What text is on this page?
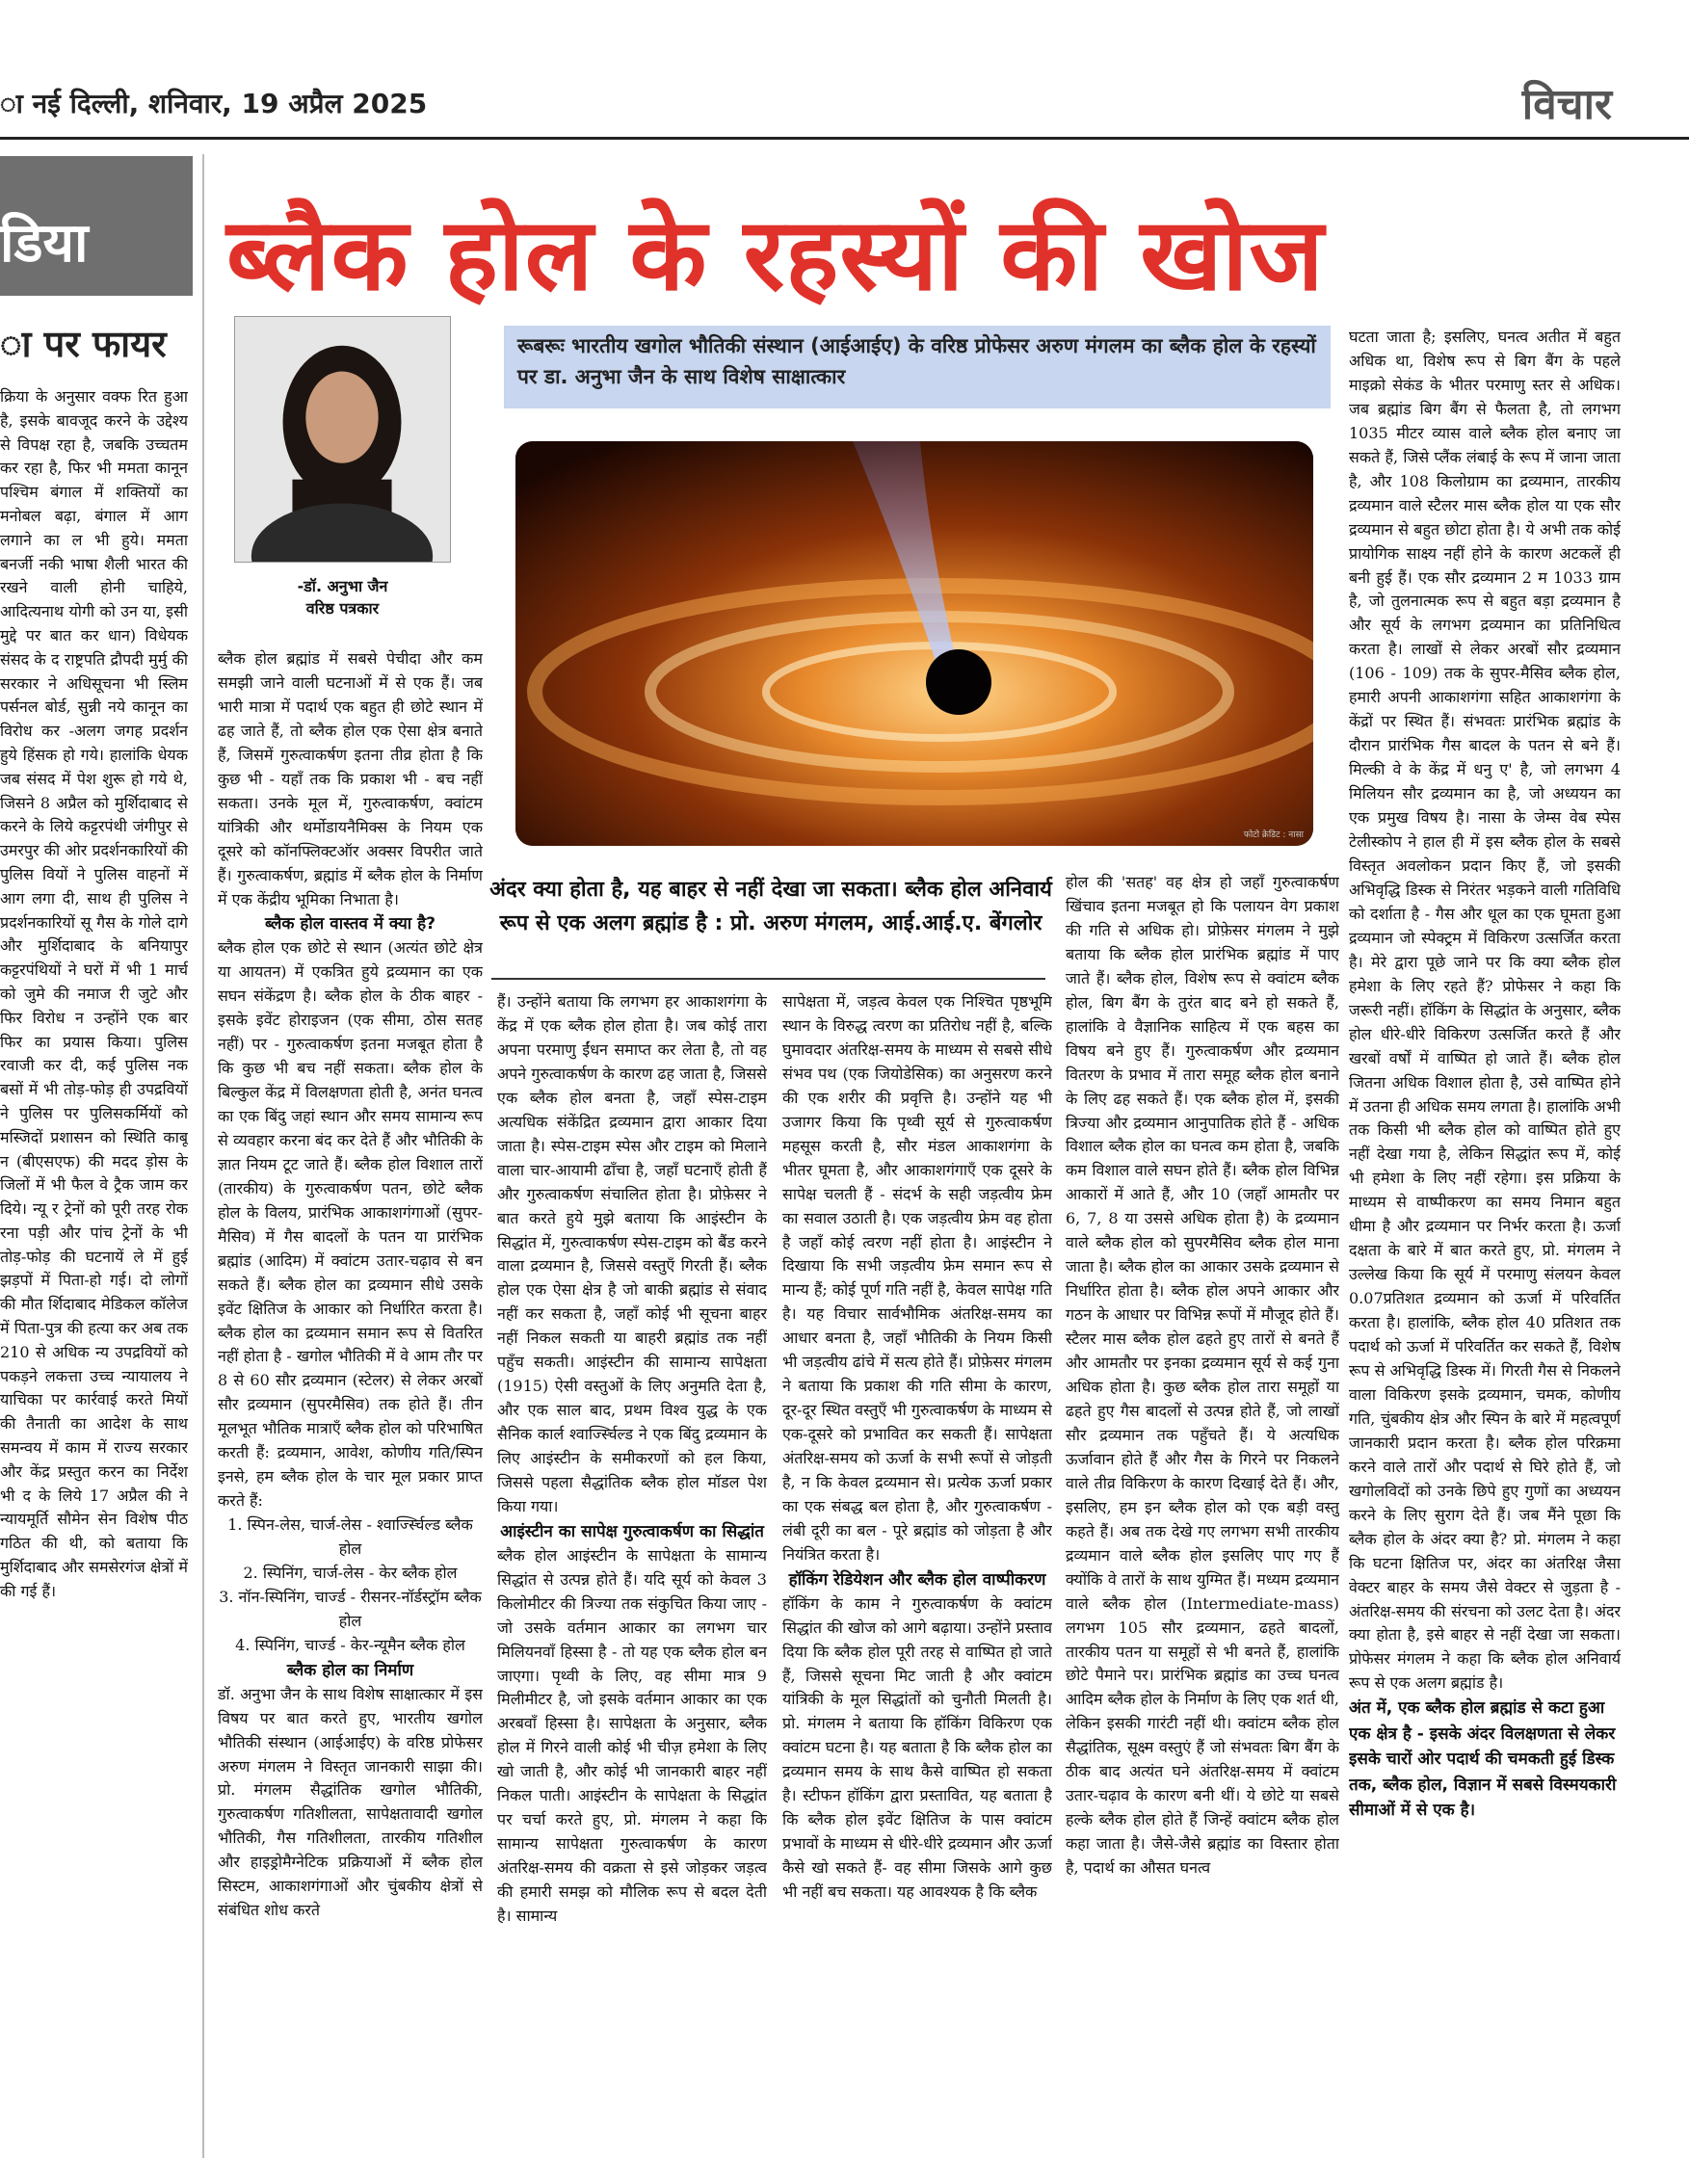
ा नई दिल्ली, शनिवार, 19 अप्रैल 2025	विचार
डिया
ा पर फायर
क्रिया के अनुसार वक्फ रित हुआ है, इसके बावजूद करने के उद्देश्य से विपक्ष रहा है, जबकि उच्चतम कर रहा है, फिर भी ममता कानून पश्चिम बंगाल में शक्तियों का मनोबल बढ़ा, बंगाल में आग लगाने का ल भी हुये। ममता बनर्जी नकी भाषा शैली भारत की रखने वाली होनी चाहिये, आदित्यनाथ योगी को उन या, इसी मुद्दे पर बात कर धान) विधेयक संसद के द राष्ट्रपति द्रौपदी मुर्मु की सरकार ने अधिसूचना भी स्लिम पर्सनल बोर्ड, सुन्नी नये कानून का विरोध कर -अलग जगह प्रदर्शन हुये हिंसक हो गये। हालांकि धेयक जब संसद में पेश शुरू हो गये थे, जिसने 8 अप्रैल को मुर्शिदाबाद से करने के लिये कट्टरपंथी जंगीपुर से उमरपुर की ओर प्रदर्शनकारियों की पुलिस वियों ने पुलिस वाहनों में आग लगा दी, साथ ही पुलिस ने प्रदर्शनकारियों सू गैस के गोले दागे और मुर्शिदाबाद के बनियापुर कट्टरपंथियों ने घरों में भी 1 मार्च को जुमे की नमाज री जुटे और फिर विरोध न उन्होंने एक बार फिर का प्रयास किया। पुलिस रवाजी कर दी, कई पुलिस नक बसों में भी तोड़-फोड़ ही उपद्रवियों ने पुलिस पर पुलिसकर्मियों को मस्जिदों प्रशासन को स्थिति काबू न (बीएसएफ) की मदद ड़ोस के जिलों में भी फैल वे ट्रैक जाम कर दिये। न्यू र ट्रेनों को पूरी तरह रोक रना पड़ी और पांच ट्रेनों के भी तोड़-फोड़ की घटनायें ले में हुई झड़पों में पिता-हो गई। दो लोगों की मौत र्शिदाबाद मेडिकल कॉलेज में पिता-पुत्र की हत्या कर अब तक 210 से अधिक न्य उपद्रवियों को पकड़ने लकत्ता उच्च न्यायालय ने याचिका पर कार्रवाई करते मियों की तैनाती का आदेश के साथ समन्वय में काम में राज्य सरकार और केंद्र प्रस्तुत करन का निर्देश भी द के लिये 17 अप्रैल की ने न्यायमूर्ति सौमेन सेन विशेष पीठ गठित की थी, को बताया कि मुर्शिदाबाद और समसेरगंज क्षेत्रों में की गई हैं।
ब्लैक होल के रहस्यों की खोज
-डॉ. अनुभा जैन
वरिष्ठ पत्रकार
रूबरूः भारतीय खगोल भौतिकी संस्थान (आईआईए) के वरिष्ठ प्रोफेसर अरुण मंगलम का ब्लैक होल के रहस्यों पर डा. अनुभा जैन के साथ विशेष साक्षात्कार
फोटो क्रेडिट : नासा
अंदर क्या होता है, यह बाहर से नहीं देखा जा सकता। ब्लैक होल अनिवार्य रूप से एक अलग ब्रह्मांड है : प्रो. अरुण मंगलम, आई.आई.ए. बेंगलोर

ब्लैक होल ब्रह्मांड में सबसे पेचीदा और कम समझी जाने वाली घटनाओं में से एक हैं। जब भारी मात्रा में पदार्थ एक बहुत ही छोटे स्थान में ढह जाते हैं, तो ब्लैक होल एक ऐसा क्षेत्र बनाते हैं, जिसमें गुरुत्वाकर्षण इतना तीव्र होता है कि कुछ भी - यहाँ तक कि प्रकाश भी - बच नहीं सकता। उनके मूल में, गुरुत्वाकर्षण, क्वांटम यांत्रिकी और थर्मोडायनैमिक्स के नियम एक दूसरे को कॉनफ्लिक्टऑर अक्सर विपरीत जाते हैं। गुरुत्वाकर्षण, ब्रह्मांड में ब्लैक होल के निर्माण में एक केंद्रीय भूमिका निभाता है।

ब्लैक होल वास्तव में क्या है?

ब्लैक होल एक छोटे से स्थान (अत्यंत छोटे क्षेत्र या आयतन) में एकत्रित हुये द्रव्यमान का एक सघन संकेंद्रण है। ब्लैक होल के ठीक बाहर - इसके इवेंट होराइजन (एक सीमा, ठोस सतह नहीं) पर - गुरुत्वाकर्षण इतना मजबूत होता है कि कुछ भी बच नहीं सकता। ब्लैक होल के बिल्कुल केंद्र में विलक्षणता होती है, अनंत घनत्व का एक बिंदु जहां स्थान और समय सामान्य रूप से व्यवहार करना बंद कर देते हैं और भौतिकी के ज्ञात नियम टूट जाते हैं। ब्लैक होल विशाल तारों (तारकीय) के गुरुत्वाकर्षण पतन, छोटे ब्लैक होल के विलय, प्रारंभिक आकाशगंगाओं (सुपर-मैसिव) में गैस बादलों के पतन या प्रारंभिक ब्रह्मांड (आदिम) में क्वांटम उतार-चढ़ाव से बन सकते हैं। ब्लैक होल का द्रव्यमान सीधे उसके इवेंट क्षितिज के आकार को निर्धारित करता है। ब्लैक होल का द्रव्यमान समान रूप से वितरित नहीं होता है - खगोल भौतिकी में वे आम तौर पर 8 से 60 सौर द्रव्यमान (स्टेलर) से लेकर अरबों सौर द्रव्यमान (सुपरमैसिव) तक होते हैं। तीन मूलभूत भौतिक मात्राएँ ब्लैक होल को परिभाषित करती हैं: द्रव्यमान, आवेश, कोणीय गति/स्पिन इनसे, हम ब्लैक होल के चार मूल प्रकार प्राप्त करते हैं:

1. स्पिन-लेस, चार्ज-लेस - श्वार्ज्स्चिल्ड ब्लैक होल

2. स्पिनिंग, चार्ज-लेस - केर ब्लैक होल

3. नॉन-स्पिनिंग, चार्ज्ड - रीसनर-नॉर्डस्ट्रॉम ब्लैक होल

4. स्पिनिंग, चार्ज्ड - केर-न्यूमैन ब्लैक होल

ब्लैक होल का निर्माण

डॉ. अनुभा जैन के साथ विशेष साक्षात्कार में इस विषय पर बात करते हुए, भारतीय खगोल भौतिकी संस्थान (आईआईए) के वरिष्ठ प्रोफेसर अरुण मंगलम ने विस्तृत जानकारी साझा की। प्रो. मंगलम सैद्धांतिक खगोल भौतिकी, गुरुत्वाकर्षण गतिशीलता, सापेक्षतावादी खगोल भौतिकी, गैस गतिशीलता, तारकीय गतिशील और हाइड्रोमैग्नेटिक प्रक्रियाओं में ब्लैक होल सिस्टम, आकाशगंगाओं और चुंबकीय क्षेत्रों से संबंधित शोध करते

हैं। उन्होंने बताया कि लगभग हर आकाशगंगा के केंद्र में एक ब्लैक होल होता है। जब कोई तारा अपना परमाणु ईंधन समाप्त कर लेता है, तो वह अपने गुरुत्वाकर्षण के कारण ढह जाता है, जिससे एक ब्लैक होल बनता है, जहाँ स्पेस-टाइम अत्यधिक संकेंद्रित द्रव्यमान द्वारा आकार दिया जाता है। स्पेस-टाइम स्पेस और टाइम को मिलाने वाला चार-आयामी ढाँचा है, जहाँ घटनाएँ होती हैं और गुरुत्वाकर्षण संचालित होता है। प्रोफ़ेसर ने बात करते हुये मुझे बताया कि आइंस्टीन के सिद्धांत में, गुरुत्वाकर्षण स्पेस-टाइम को बैंड करने वाला द्रव्यमान है, जिससे वस्तुएँ गिरती हैं। ब्लैक होल एक ऐसा क्षेत्र है जो बाकी ब्रह्मांड से संवाद नहीं कर सकता है, जहाँ कोई भी सूचना बाहर नहीं निकल सकती या बाहरी ब्रह्मांड तक नहीं पहुँच सकती। आइंस्टीन की सामान्य सापेक्षता (1915) ऐसी वस्तुओं के लिए अनुमति देता है, और एक साल बाद, प्रथम विश्व युद्ध के एक सैनिक कार्ल श्वार्ज्स्चिल्ड ने एक बिंदु द्रव्यमान के लिए आइंस्टीन के समीकरणों को हल किया, जिससे पहला सैद्धांतिक ब्लैक होल मॉडल पेश किया गया।

आइंस्टीन का सापेक्ष गुरुत्वाकर्षण का सिद्धांत

ब्लैक होल आइंस्टीन के सापेक्षता के सामान्य सिद्धांत से उत्पन्न होते हैं। यदि सूर्य को केवल 3 किलोमीटर की त्रिज्या तक संकुचित किया जाए - जो उसके वर्तमान आकार का लगभग चार मिलियनवाँ हिस्सा है - तो यह एक ब्लैक होल बन जाएगा। पृथ्वी के लिए, वह सीमा मात्र 9 मिलीमीटर है, जो इसके वर्तमान आकार का एक अरबवाँ हिस्सा है। सापेक्षता के अनुसार, ब्लैक होल में गिरने वाली कोई भी चीज़ हमेशा के लिए खो जाती है, और कोई भी जानकारी बाहर नहीं निकल पाती। आइंस्टीन के सापेक्षता के सिद्धांत पर चर्चा करते हुए, प्रो. मंगलम ने कहा कि सामान्य सापेक्षता गुरुत्वाकर्षण के कारण अंतरिक्ष-समय की वक्रता से इसे जोड़कर जड़त्व की हमारी समझ को मौलिक रूप से बदल देती है। सामान्य

सापेक्षता में, जड़त्व केवल एक निश्चित पृष्ठभूमि स्थान के विरुद्ध त्वरण का प्रतिरोध नहीं है, बल्कि घुमावदार अंतरिक्ष-समय के माध्यम से सबसे सीधे संभव पथ (एक जियोडेसिक) का अनुसरण करने की एक शरीर की प्रवृत्ति है। उन्होंने यह भी उजागर किया कि पृथ्वी सूर्य से गुरुत्वाकर्षण महसूस करती है, सौर मंडल आकाशगंगा के भीतर घूमता है, और आकाशगंगाएँ एक दूसरे के सापेक्ष चलती हैं - संदर्भ के सही जड़त्वीय फ्रेम का सवाल उठाती है। एक जड़त्वीय फ्रेम वह होता है जहाँ कोई त्वरण नहीं होता है। आइंस्टीन ने दिखाया कि सभी जड़त्वीय फ्रेम समान रूप से मान्य हैं; कोई पूर्ण गति नहीं है, केवल सापेक्ष गति है। यह विचार सार्वभौमिक अंतरिक्ष-समय का आधार बनता है, जहाँ भौतिकी के नियम किसी भी जड़त्वीय ढांचे में सत्य होते हैं। प्रोफ़ेसर मंगलम ने बताया कि प्रकाश की गति सीमा के कारण, दूर-दूर स्थित वस्तुएँ भी गुरुत्वाकर्षण के माध्यम से एक-दूसरे को प्रभावित कर सकती हैं। सापेक्षता अंतरिक्ष-समय को ऊर्जा के सभी रूपों से जोड़ती है, न कि केवल द्रव्यमान से। प्रत्येक ऊर्जा प्रकार का एक संबद्ध बल होता है, और गुरुत्वाकर्षण - लंबी दूरी का बल - पूरे ब्रह्मांड को जोड़ता है और नियंत्रित करता है।

हॉकिंग रेडियेशन और ब्लैक होल वाष्पीकरण

हॉकिंग के काम ने गुरुत्वाकर्षण के क्वांटम सिद्धांत की खोज को आगे बढ़ाया। उन्होंने प्रस्ताव दिया कि ब्लैक होल पूरी तरह से वाष्पित हो जाते हैं, जिससे सूचना मिट जाती है और क्वांटम यांत्रिकी के मूल सिद्धांतों को चुनौती मिलती है। प्रो. मंगलम ने बताया कि हॉकिंग विकिरण एक क्वांटम घटना है। यह बताता है कि ब्लैक होल का द्रव्यमान समय के साथ कैसे वाष्पित हो सकता है। स्टीफन हॉकिंग द्वारा प्रस्तावित, यह बताता है कि ब्लैक होल इवेंट क्षितिज के पास क्वांटम प्रभावों के माध्यम से धीरे-धीरे द्रव्यमान और ऊर्जा कैसे खो सकते हैं- वह सीमा जिसके आगे कुछ भी नहीं बच सकता। यह आवश्यक है कि ब्लैक

होल की 'सतह' वह क्षेत्र हो जहाँ गुरुत्वाकर्षण खिंचाव इतना मजबूत हो कि पलायन वेग प्रकाश की गति से अधिक हो। प्रोफ़ेसर मंगलम ने मुझे बताया कि ब्लैक होल प्रारंभिक ब्रह्मांड में पाए जाते हैं। ब्लैक होल, विशेष रूप से क्वांटम ब्लैक होल, बिग बैंग के तुरंत बाद बने हो सकते हैं, हालांकि वे वैज्ञानिक साहित्य में एक बहस का विषय बने हुए हैं। गुरुत्वाकर्षण और द्रव्यमान वितरण के प्रभाव में तारा समूह ब्लैक होल बनाने के लिए ढह सकते हैं। एक ब्लैक होल में, इसकी त्रिज्या और द्रव्यमान आनुपातिक होते हैं - अधिक विशाल ब्लैक होल का घनत्व कम होता है, जबकि कम विशाल वाले सघन होते हैं। ब्लैक होल विभिन्न आकारों में आते हैं, और 10 (जहाँ आमतौर पर 6, 7, 8 या उससे अधिक होता है) के द्रव्यमान वाले ब्लैक होल को सुपरमैसिव ब्लैक होल माना जाता है। ब्लैक होल का आकार उसके द्रव्यमान से निर्धारित होता है। ब्लैक होल अपने आकार और गठन के आधार पर विभिन्न रूपों में मौजूद होते हैं। स्टैलर मास ब्लैक होल ढहते हुए तारों से बनते हैं और आमतौर पर इनका द्रव्यमान सूर्य से कई गुना अधिक होता है। कुछ ब्लैक होल तारा समूहों या ढहते हुए गैस बादलों से उत्पन्न होते हैं, जो लाखों सौर द्रव्यमान तक पहुँचते हैं। ये अत्यधिक ऊर्जावान होते हैं और गैस के गिरने पर निकलने वाले तीव्र विकिरण के कारण दिखाई देते हैं। और, इसलिए, हम इन ब्लैक होल को एक बड़ी वस्तु कहते हैं। अब तक देखे गए लगभग सभी तारकीय द्रव्यमान वाले ब्लैक होल इसलिए पाए गए हैं क्योंकि वे तारों के साथ युग्मित हैं। मध्यम द्रव्यमान वाले ब्लैक होल (Intermediate-mass) लगभग 105 सौर द्रव्यमान, ढहते बादलों, तारकीय पतन या समूहों से भी बनते हैं, हालांकि छोटे पैमाने पर। प्रारंभिक ब्रह्मांड का उच्च घनत्व आदिम ब्लैक होल के निर्माण के लिए एक शर्त थी, लेकिन इसकी गारंटी नहीं थी। क्वांटम ब्लैक होल सैद्धांतिक, सूक्ष्म वस्तुएं हैं जो संभवतः बिग बैंग के ठीक बाद अत्यंत घने अंतरिक्ष-समय में क्वांटम उतार-चढ़ाव के कारण बनी थीं। ये छोटे या सबसे हल्के ब्लैक होल होते हैं जिन्हें क्वांटम ब्लैक होल कहा जाता है। जैसे-जैसे ब्रह्मांड का विस्तार होता है, पदार्थ का औसत घनत्व

घटता जाता है; इसलिए, घनत्व अतीत में बहुत अधिक था, विशेष रूप से बिग बैंग के पहले माइक्रो सेकंड के भीतर परमाणु स्तर से अधिक। जब ब्रह्मांड बिग बैंग से फैलता है, तो लगभग 1035 मीटर व्यास वाले ब्लैक होल बनाए जा सकते हैं, जिसे प्लैंक लंबाई के रूप में जाना जाता है, और 108 किलोग्राम का द्रव्यमान, तारकीय द्रव्यमान वाले स्टैलर मास ब्लैक होल या एक सौर द्रव्यमान से बहुत छोटा होता है। ये अभी तक कोई प्रायोगिक साक्ष्य नहीं होने के कारण अटकलें ही बनी हुई हैं। एक सौर द्रव्यमान 2 म 1033 ग्राम है, जो तुलनात्मक रूप से बहुत बड़ा द्रव्यमान है और सूर्य के लगभग द्रव्यमान का प्रतिनिधित्व करता है। लाखों से लेकर अरबों सौर द्रव्यमान (106 - 109) तक के सुपर-मैसिव ब्लैक होल, हमारी अपनी आकाशगंगा सहित आकाशगंगा के केंद्रों पर स्थित हैं। संभवतः प्रारंभिक ब्रह्मांड के दौरान प्रारंभिक गैस बादल के पतन से बने हैं। मिल्की वे के केंद्र में धनु ए' है, जो लगभग 4 मिलियन सौर द्रव्यमान का है, जो अध्ययन का एक प्रमुख विषय है। नासा के जेम्स वेब स्पेस टेलीस्कोप ने हाल ही में इस ब्लैक होल के सबसे विस्तृत अवलोकन प्रदान किए हैं, जो इसकी अभिवृद्धि डिस्क से निरंतर भड़कने वाली गतिविधि को दर्शाता है - गैस और धूल का एक घूमता हुआ द्रव्यमान जो स्पेक्ट्रम में विकिरण उत्सर्जित करता है। मेरे द्वारा पूछे जाने पर कि क्या ब्लैक होल हमेशा के लिए रहते हैं? प्रोफेसर ने कहा कि जरूरी नहीं। हॉकिंग के सिद्धांत के अनुसार, ब्लैक होल धीरे-धीरे विकिरण उत्सर्जित करते हैं और खरबों वर्षों में वाष्पित हो जाते हैं। ब्लैक होल जितना अधिक विशाल होता है, उसे वाष्पित होने में उतना ही अधिक समय लगता है। हालांकि अभी तक किसी भी ब्लैक होल को वाष्पित होते हुए नहीं देखा गया है, लेकिन सिद्धांत रूप में, कोई भी हमेशा के लिए नहीं रहेगा। इस प्रक्रिया के माध्यम से वाष्पीकरण का समय निमान बहुत धीमा है और द्रव्यमान पर निर्भर करता है। ऊर्जा दक्षता के बारे में बात करते हुए, प्रो. मंगलम ने उल्लेख किया कि सूर्य में परमाणु संलयन केवल 0.07प्रतिशत द्रव्यमान को ऊर्जा में परिवर्तित करता है। हालांकि, ब्लैक होल 40 प्रतिशत तक पदार्थ को ऊर्जा में परिवर्तित कर सकते हैं, विशेष रूप से अभिवृद्धि डिस्क में। गिरती गैस से निकलने वाला विकिरण इसके द्रव्यमान, चमक, कोणीय गति, चुंबकीय क्षेत्र और स्पिन के बारे में महत्वपूर्ण जानकारी प्रदान करता है। ब्लैक होल परिक्रमा करने वाले तारों और पदार्थ से घिरे होते हैं, जो खगोलविदों को उनके छिपे हुए गुणों का अध्ययन करने के लिए सुराग देते हैं। जब मैंने पूछा कि ब्लैक होल के अंदर क्या है? प्रो. मंगलम ने कहा कि घटना क्षितिज पर, अंदर का अंतरिक्ष जैसा वेक्टर बाहर के समय जैसे वेक्टर से जुड़ता है - अंतरिक्ष-समय की संरचना को उलट देता है। अंदर क्या होता है, इसे बाहर से नहीं देखा जा सकता। प्रोफेसर मंगलम ने कहा कि ब्लैक होल अनिवार्य रूप से एक अलग ब्रह्मांड है।

अंत में, एक ब्लैक होल ब्रह्मांड से कटा हुआ एक क्षेत्र है - इसके अंदर विलक्षणता से लेकर इसके चारों ओर पदार्थ की चमकती हुई डिस्क तक, ब्लैक होल, विज्ञान में सबसे विस्मयकारी सीमाओं में से एक है।
